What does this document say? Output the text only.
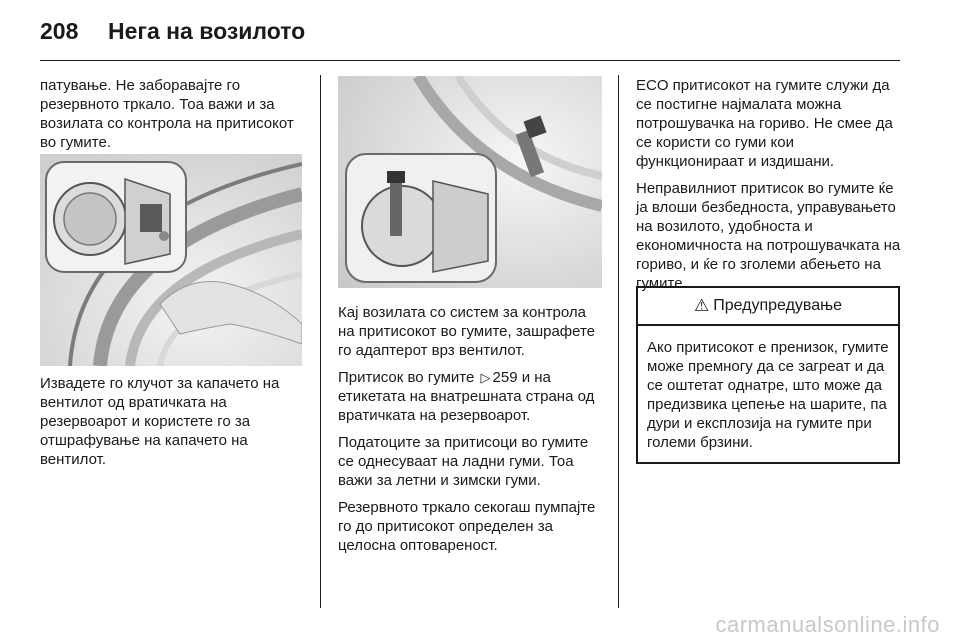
208	Нега на возилото

патување. Не заборавајте го резервното тркало. Тоа важи и за возилата со контрола на притисокот во гумите.

Извадете го клучот за капачето на вентилот од вратичката на резервоарот и користете го за отшрафување на капачето на вентилот.

Кај возилата со систем за контрола на притисокот во гумите, зашрафете го адаптерот врз вентилот.

Притисок во гумите ▷ 259 и на етикетата на внатрешната страна од вратичката на резервоарот.

Податоците за притисоци во гумите се однесуваат на ладни гуми. Тоа важи за летни и зимски гуми.

Резервното тркало секогаш пумпајте го до притисокот определен за целосна оптовареност.

ECO притисокот на гумите служи да се постигне најмалата можна потрошувачка на гориво. Не смее да се користи со гуми кои функционираат и издишани.

Неправилниот притисок во гумите ќе ја влоши безбедноста, управувањето на возилото, удобноста и економичноста на потрошувачката на гориво, и ќе го зголеми абењето на гумите.

⚠ Предупредување
Ако притисокот е пренизок, гумите може премногу да се загреат и да се оштетат однатре, што може да предизвика цепење на шарите, па дури и експлозија на гумите при големи брзини.
carmanualsonline.info
